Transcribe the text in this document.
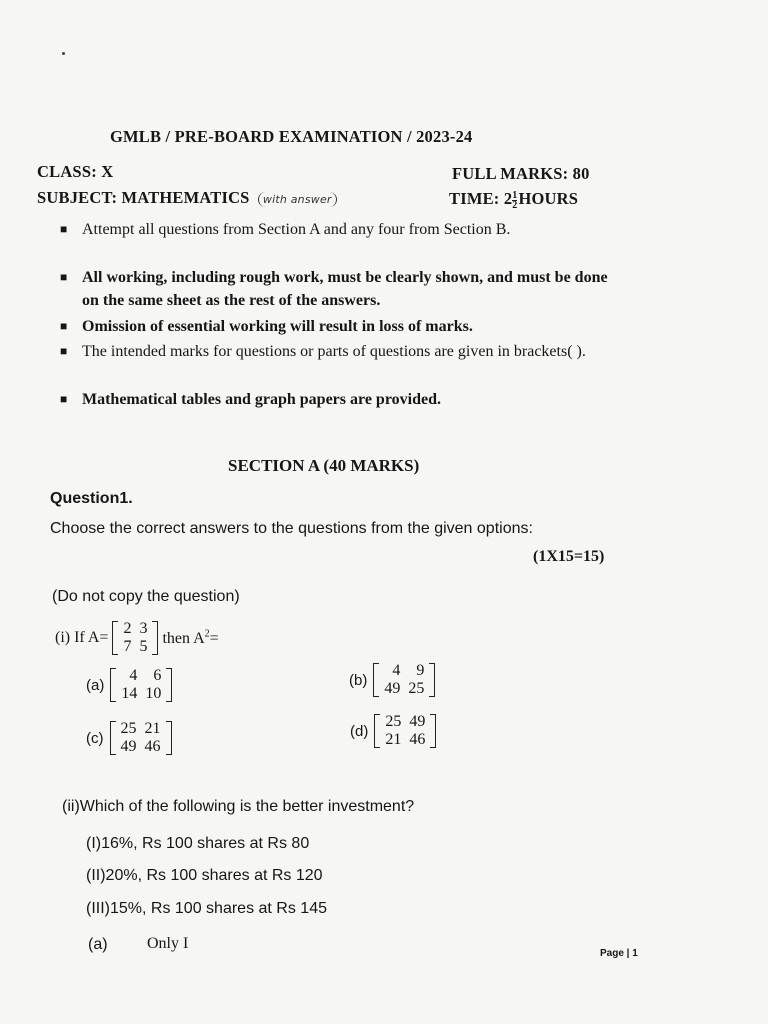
GMLB / PRE-BOARD EXAMINATION / 2023-24
CLASS: X	FULL MARKS: 80
SUBJECT: MATHEMATICS with answer	TIME: $2 \frac{1}{2}$ HOURS
■ Attempt all questions from Section A and any four from Section B.
■ All working, including rough work, must be clearly shown, and must be done on the same sheet as the rest of the answers.
■ Omission of essential working will result in loss of marks.
■ The intended marks for questions or parts of questions are given in brackets( ).
■ Mathematical tables and graph papers are provided.
SECTION A (40 MARKS)
Question1.
Choose the correct answers to the questions from the given options:
(1X15=15)
(Do not copy the question)
(i) If A=
2	3
7	5 then $A^2=$
(a)
4	6
14	10
(b)
4	9
49	25
(c)
25	21
49	46
(d)
25	49
21	46
(ii)Which of the following is the better investment?
(I)16%, Rs 100 shares at Rs 80
(II)20%, Rs 100 shares at Rs 120
(III)15%, Rs 100 shares at Rs 145
(a) Only I
Page | 1
